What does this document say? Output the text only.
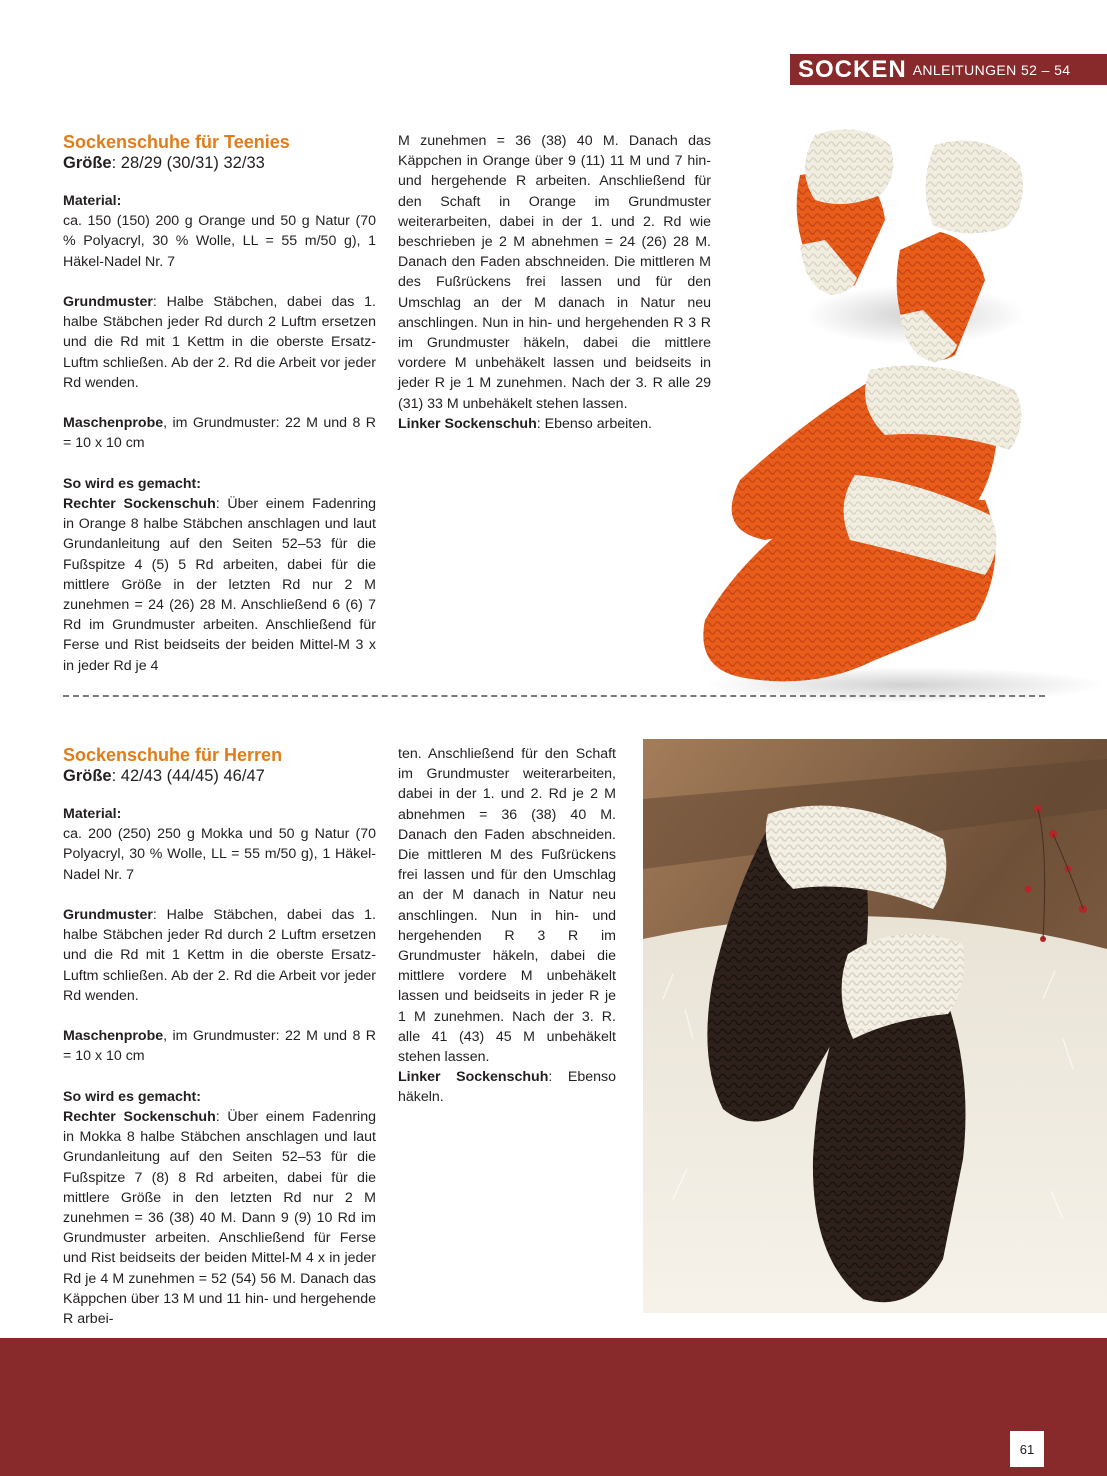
SOCKEN ANLEITUNGEN 52 – 54
Sockenschuhe für Teenies
Größe: 28/29 (30/31) 32/33

Material:
ca. 150 (150) 200 g Orange und 50 g Natur (70 % Polyacryl, 30 % Wolle, LL = 55 m/50 g), 1 Häkel-Nadel Nr. 7

Grundmuster: Halbe Stäbchen, dabei das 1. halbe Stäbchen jeder Rd durch 2 Luftm ersetzen und die Rd mit 1 Kettm in die oberste Ersatz-Luftm schließen. Ab der 2. Rd die Arbeit vor jeder Rd wenden.

Maschenprobe, im Grundmuster: 22 M und 8 R = 10 x 10 cm

So wird es gemacht:
Rechter Sockenschuh: Über einem Fadenring in Orange 8 halbe Stäbchen anschlagen und laut Grundanleitung auf den Seiten 52–53 für die Fußspitze 4 (5) 5 Rd arbeiten, dabei für die mittlere Größe in der letzten Rd nur 2 M zunehmen = 24 (26) 28 M. Anschließend 6 (6) 7 Rd im Grundmuster arbeiten. Anschließend für Ferse und Rist beidseits der beiden Mittel-M 3 x in jeder Rd je 4

M zunehmen = 36 (38) 40 M. Danach das Käppchen in Orange über 9 (11) 11 M und 7 hin- und hergehende R arbeiten. Anschließend für den Schaft in Orange im Grundmuster weiterarbeiten, dabei in der 1. und 2. Rd wie beschrieben je 2 M abnehmen = 24 (26) 28 M. Danach den Faden abschneiden. Die mittleren M des Fußrückens frei lassen und für den Umschlag an der M danach in Natur neu anschlingen. Nun in hin- und hergehenden R 3 R im Grundmuster häkeln, dabei die mittlere vordere M unbehäkelt lassen und beidseits in jeder R je 1 M zunehmen. Nach der 3. R alle 29 (31) 33 M unbehäkelt stehen lassen.
Linker Sockenschuh: Ebenso arbeiten.

Sockenschuhe für Herren
Größe: 42/43 (44/45) 46/47

Material:
ca. 200 (250) 250 g Mokka und 50 g Natur (70 Polyacryl, 30 % Wolle, LL = 55 m/50 g), 1 Häkel-Nadel Nr. 7

Grundmuster: Halbe Stäbchen, dabei das 1. halbe Stäbchen jeder Rd durch 2 Luftm ersetzen und die Rd mit 1 Kettm in die oberste Ersatz-Luftm schließen. Ab der 2. Rd die Arbeit vor jeder Rd wenden.

Maschenprobe, im Grundmuster: 22 M und 8 R = 10 x 10 cm

So wird es gemacht:
Rechter Sockenschuh: Über einem Fadenring in Mokka 8 halbe Stäbchen anschlagen und laut Grundanleitung auf den Seiten 52–53 für die Fußspitze 7 (8) 8 Rd arbeiten, dabei für die mittlere Größe in den letzten Rd nur 2 M zunehmen = 36 (38) 40 M. Dann 9 (9) 10 Rd im Grundmuster arbeiten. Anschließend für Ferse und Rist beidseits der beiden Mittel-M 4 x in jeder Rd je 4 M zunehmen = 52 (54) 56 M. Danach das Käppchen über 13 M und 11 hin- und hergehende R arbei-

ten. Anschließend für den Schaft im Grundmuster weiterarbeiten, dabei in der 1. und 2. Rd je 2 M abnehmen = 36 (38) 40 M. Danach den Faden abschneiden. Die mittleren M des Fußrückens frei lassen und für den Umschlag an der M danach in Natur neu anschlingen. Nun in hin- und hergehenden R 3 R im Grundmuster häkeln, dabei die mittlere vordere M unbehäkelt lassen und beidseits in jeder R je 1 M zunehmen. Nach der 3. R. alle 41 (43) 45 M unbehäkelt stehen lassen.
Linker Sockenschuh: Ebenso häkeln.

61
